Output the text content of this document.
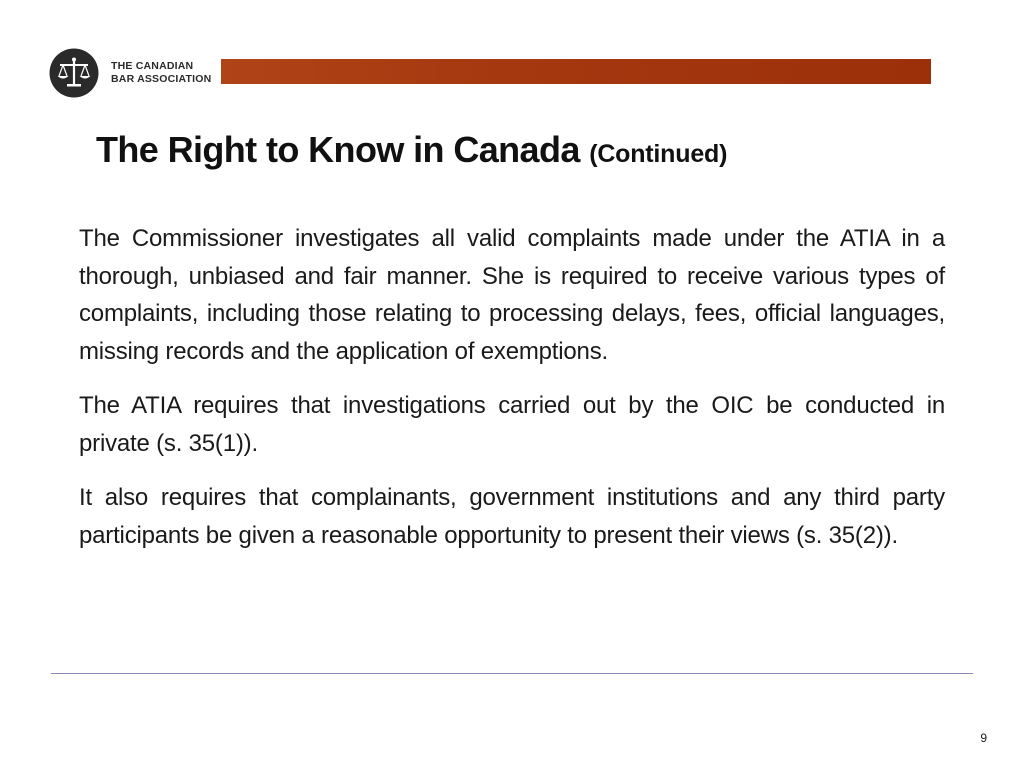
THE CANADIAN
BAR ASSOCIATION
The Right to Know in Canada (Continued)

The Commissioner investigates all valid complaints made under the ATIA in a thorough, unbiased and fair manner. She is required to receive various types of complaints, including those relating to processing delays, fees, official languages, missing records and the application of exemptions.

The ATIA requires that investigations carried out by the OIC be conducted in private (s. 35(1)).

It also requires that complainants, government institutions and any third party participants be given a reasonable opportunity to present their views (s. 35(2)).

9
